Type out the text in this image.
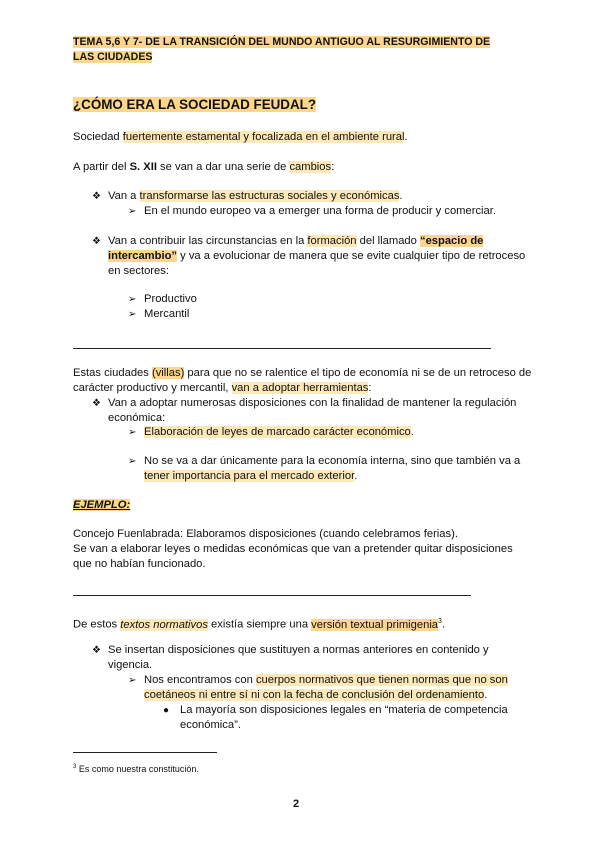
TEMA 5,6 Y 7- DE LA TRANSICIÓN DEL MUNDO ANTIGUO AL RESURGIMIENTO DE
LAS CIUDADES
¿CÓMO ERA LA SOCIEDAD FEUDAL?
Sociedad fuertemente estamental y focalizada en el ambiente rural.
A partir del S. XII se van a dar una serie de cambios:
❖ Van a transformarse las estructuras sociales y económicas.
➢ En el mundo europeo va a emerger una forma de producir y comerciar.
❖ Van a contribuir las circunstancias en la formación del llamado “espacio de
intercambio” y va a evolucionar de manera que se evite cualquier tipo de retroceso
en sectores:
➢ Productivo
➢ Mercantil
Estas ciudades (villas) para que no se ralentice el tipo de economía ni se de un retroceso de
carácter productivo y mercantil, van a adoptar herramientas:
❖ Van a adoptar numerosas disposiciones con la finalidad de mantener la regulación
económica:
➢ Elaboración de leyes de marcado carácter económico.
➢ No se va a dar únicamente para la economía interna, sino que también va a
tener importancia para el mercado exterior.
EJEMPLO:
Concejo Fuenlabrada: Elaboramos disposiciones (cuando celebramos ferias).
Se van a elaborar leyes o medidas económicas que van a pretender quitar disposiciones
que no habían funcionado.
De estos textos normativos existía siempre una versión textual primigenia$^3$.
❖ Se insertan disposiciones que sustituyen a normas anteriores en contenido y
vigencia.
➢ Nos encontramos con cuerpos normativos que tienen normas que no son
coetáneos ni entre sí ni con la fecha de conclusión del ordenamiento.
● La mayoría son disposiciones legales en “materia de competencia
económica”.
$^3$ Es como nuestra constitución.
2
